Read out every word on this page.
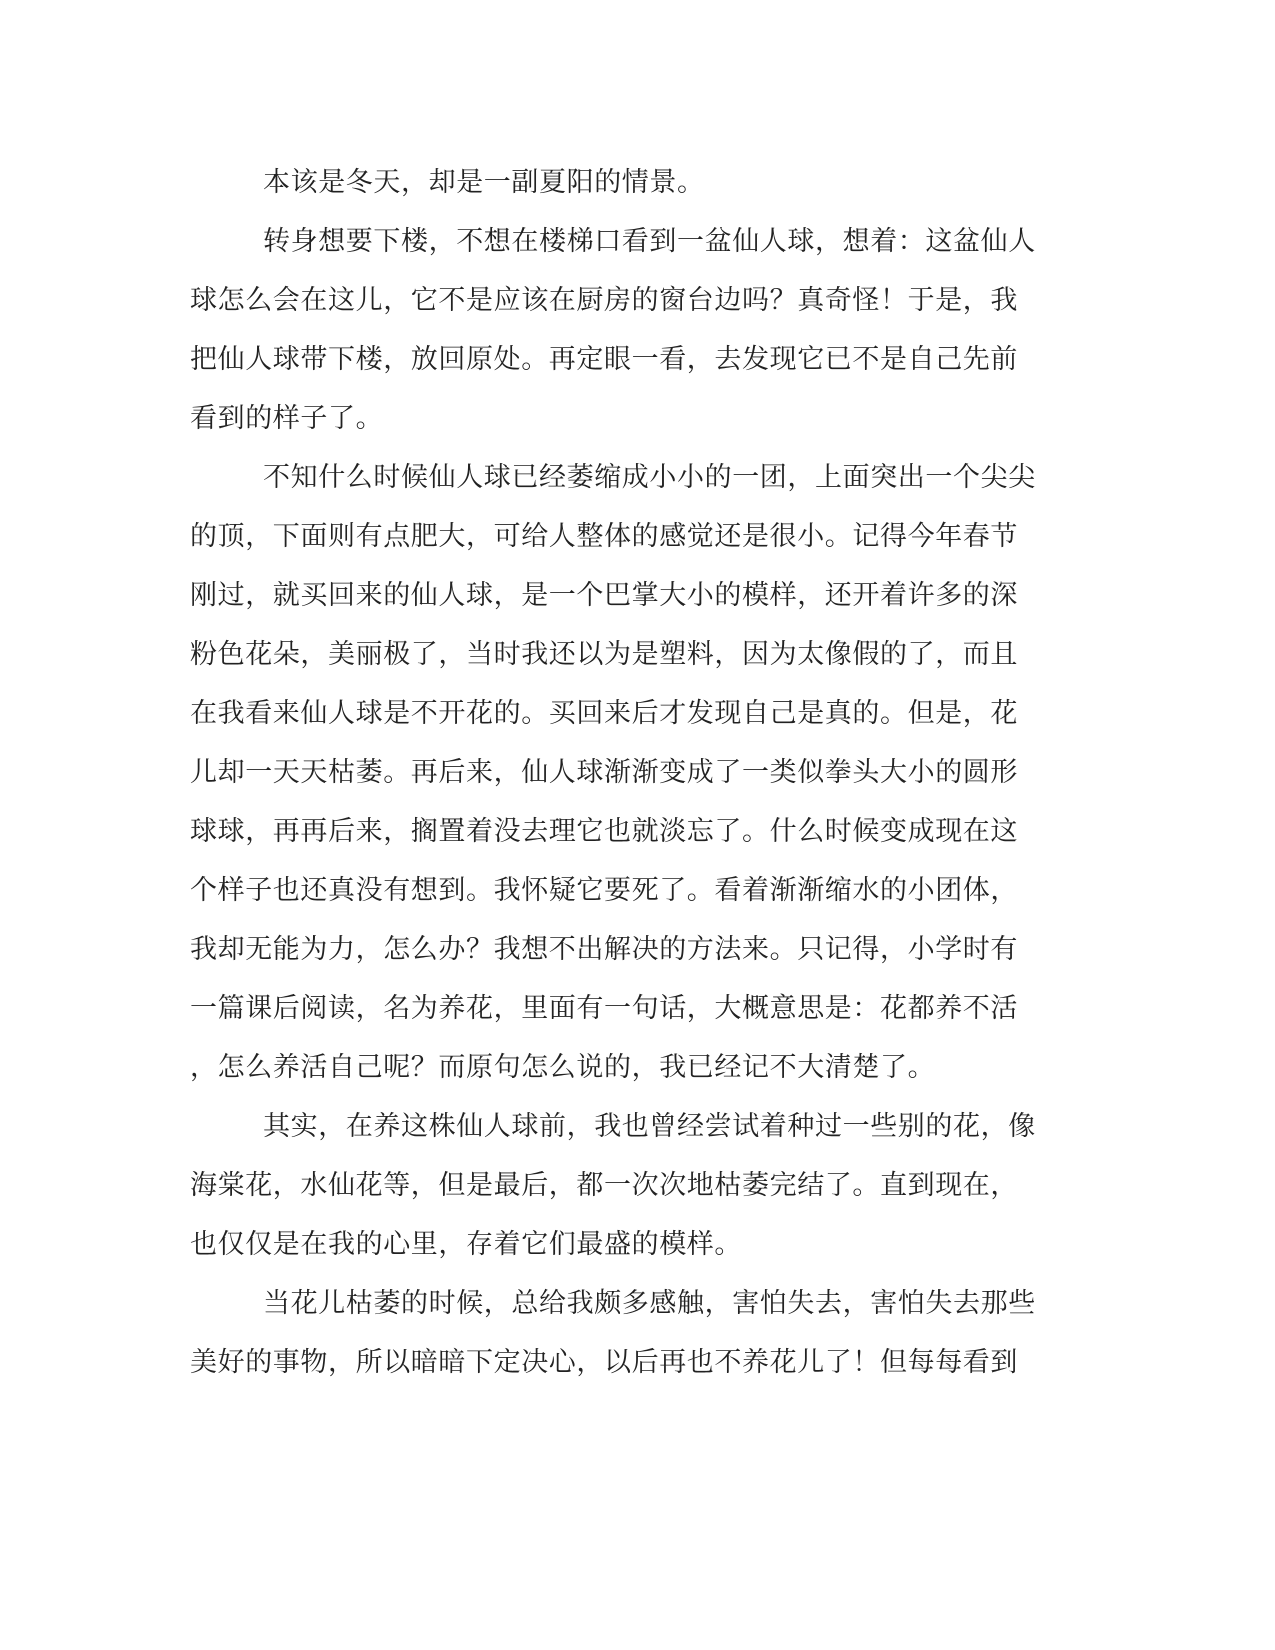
本该是冬天，却是一副夏阳的情景。

转身想要下楼，不想在楼梯口看到一盆仙人球，想着：这盆仙人

球怎么会在这儿，它不是应该在厨房的窗台边吗？真奇怪！于是，我

把仙人球带下楼，放回原处。再定眼一看，去发现它已不是自己先前

看到的样子了。

不知什么时候仙人球已经萎缩成小小的一团，上面突出一个尖尖

的顶，下面则有点肥大，可给人整体的感觉还是很小。记得今年春节

刚过，就买回来的仙人球，是一个巴掌大小的模样，还开着许多的深

粉色花朵，美丽极了，当时我还以为是塑料，因为太像假的了，而且

在我看来仙人球是不开花的。买回来后才发现自己是真的。但是，花

儿却一天天枯萎。再后来，仙人球渐渐变成了一类似拳头大小的圆形

球球，再再后来，搁置着没去理它也就淡忘了。什么时候变成现在这

个样子也还真没有想到。我怀疑它要死了。看着渐渐缩水的小团体，

我却无能为力，怎么办？我想不出解决的方法来。只记得，小学时有

一篇课后阅读，名为养花，里面有一句话，大概意思是：花都养不活

，怎么养活自己呢？而原句怎么说的，我已经记不大清楚了。

其实，在养这株仙人球前，我也曾经尝试着种过一些别的花，像

海棠花，水仙花等，但是最后，都一次次地枯萎完结了。直到现在，

也仅仅是在我的心里，存着它们最盛的模样。

当花儿枯萎的时候，总给我颇多感触，害怕失去，害怕失去那些

美好的事物，所以暗暗下定决心，以后再也不养花儿了！但每每看到
